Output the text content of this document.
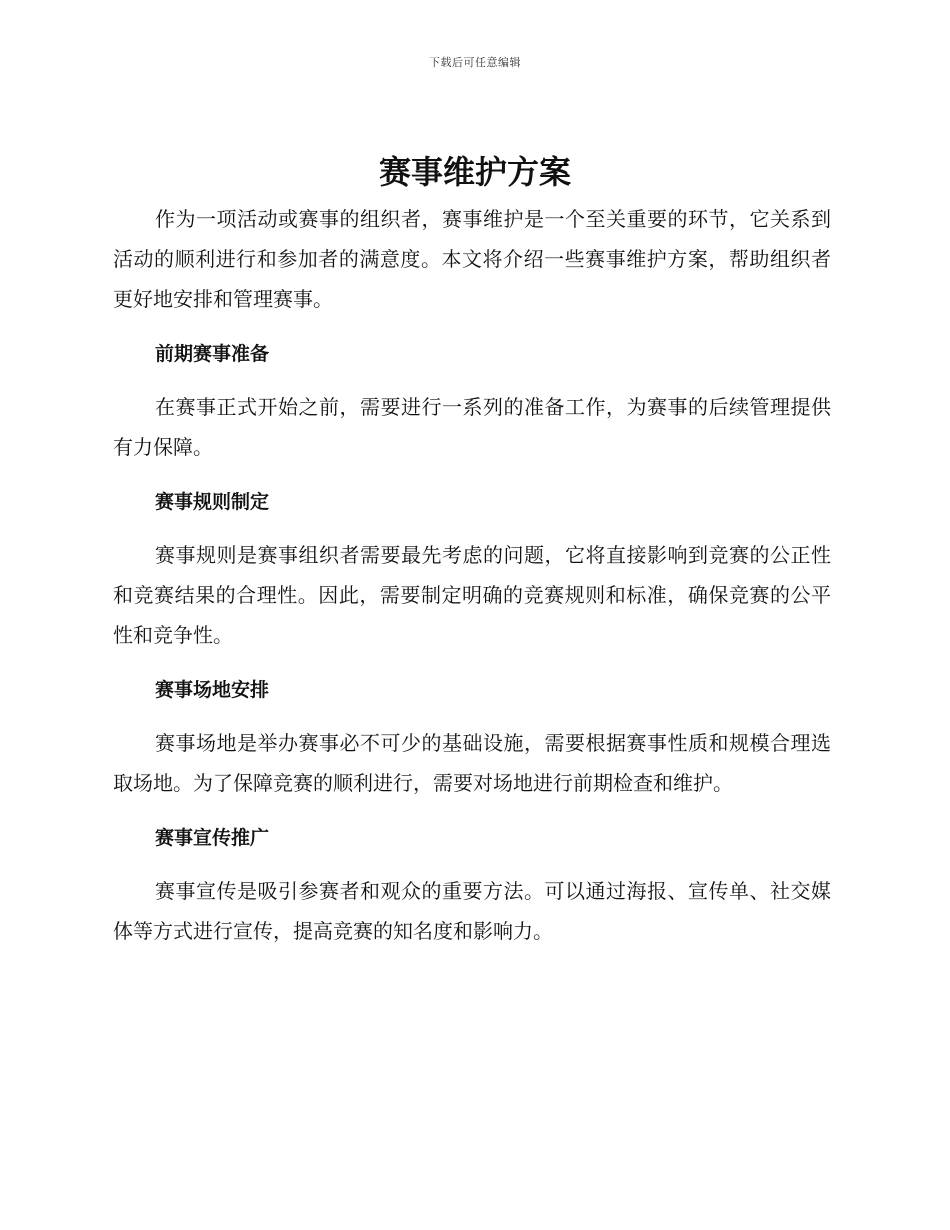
下载后可任意编辑
赛事维护方案

作为一项活动或赛事的组织者，赛事维护是一个至关重要的环节，它关系到活动的顺利进行和参加者的满意度。本文将介绍一些赛事维护方案，帮助组织者更好地安排和管理赛事。

前期赛事准备

在赛事正式开始之前，需要进行一系列的准备工作，为赛事的后续管理提供有力保障。

赛事规则制定

赛事规则是赛事组织者需要最先考虑的问题，它将直接影响到竞赛的公正性和竞赛结果的合理性。因此，需要制定明确的竞赛规则和标准，确保竞赛的公平性和竞争性。

赛事场地安排

赛事场地是举办赛事必不可少的基础设施，需要根据赛事性质和规模合理选取场地。为了保障竞赛的顺利进行，需要对场地进行前期检查和维护。

赛事宣传推广

赛事宣传是吸引参赛者和观众的重要方法。可以通过海报、宣传单、社交媒体等方式进行宣传，提高竞赛的知名度和影响力。
